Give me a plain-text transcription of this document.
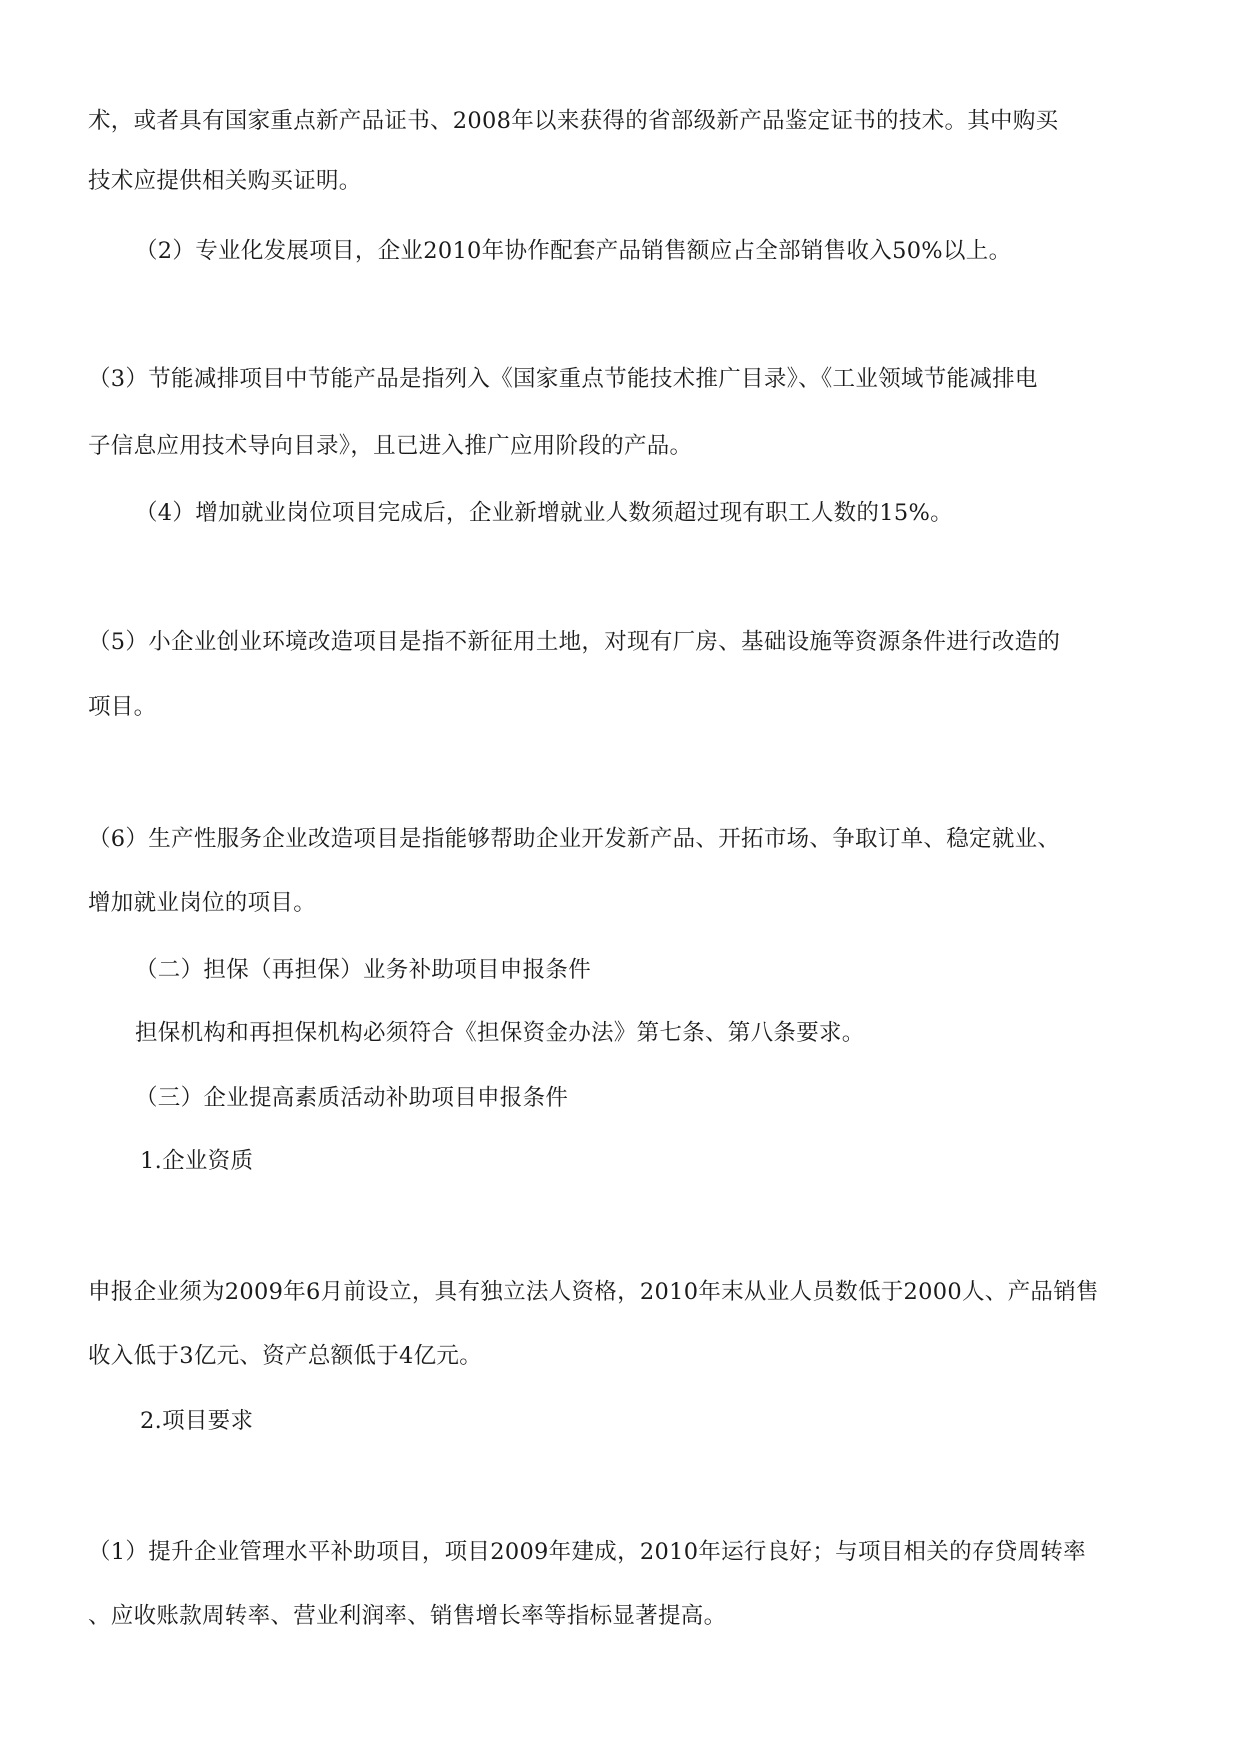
术，或者具有国家重点新产品证书、2008年以来获得的省部级新产品鉴定证书的技术。其中购买
技术应提供相关购买证明。
（2）专业化发展项目，企业2010年协作配套产品销售额应占全部销售收入50%以上。
（3）节能减排项目中节能产品是指列入《国家重点节能技术推广目录》、《工业领域节能减排电
子信息应用技术导向目录》，且已进入推广应用阶段的产品。
（4）增加就业岗位项目完成后，企业新增就业人数须超过现有职工人数的15%。
（5）小企业创业环境改造项目是指不新征用土地，对现有厂房、基础设施等资源条件进行改造的
项目。
（6）生产性服务企业改造项目是指能够帮助企业开发新产品、开拓市场、争取订单、稳定就业、
增加就业岗位的项目。
（二）担保（再担保）业务补助项目申报条件
担保机构和再担保机构必须符合《担保资金办法》第七条、第八条要求。
（三）企业提高素质活动补助项目申报条件
1.企业资质
申报企业须为2009年6月前设立，具有独立法人资格，2010年末从业人员数低于2000人、产品销售
收入低于3亿元、资产总额低于4亿元。
2.项目要求
（1）提升企业管理水平补助项目，项目2009年建成，2010年运行良好；与项目相关的存贷周转率
、应收账款周转率、营业利润率、销售增长率等指标显著提高。
